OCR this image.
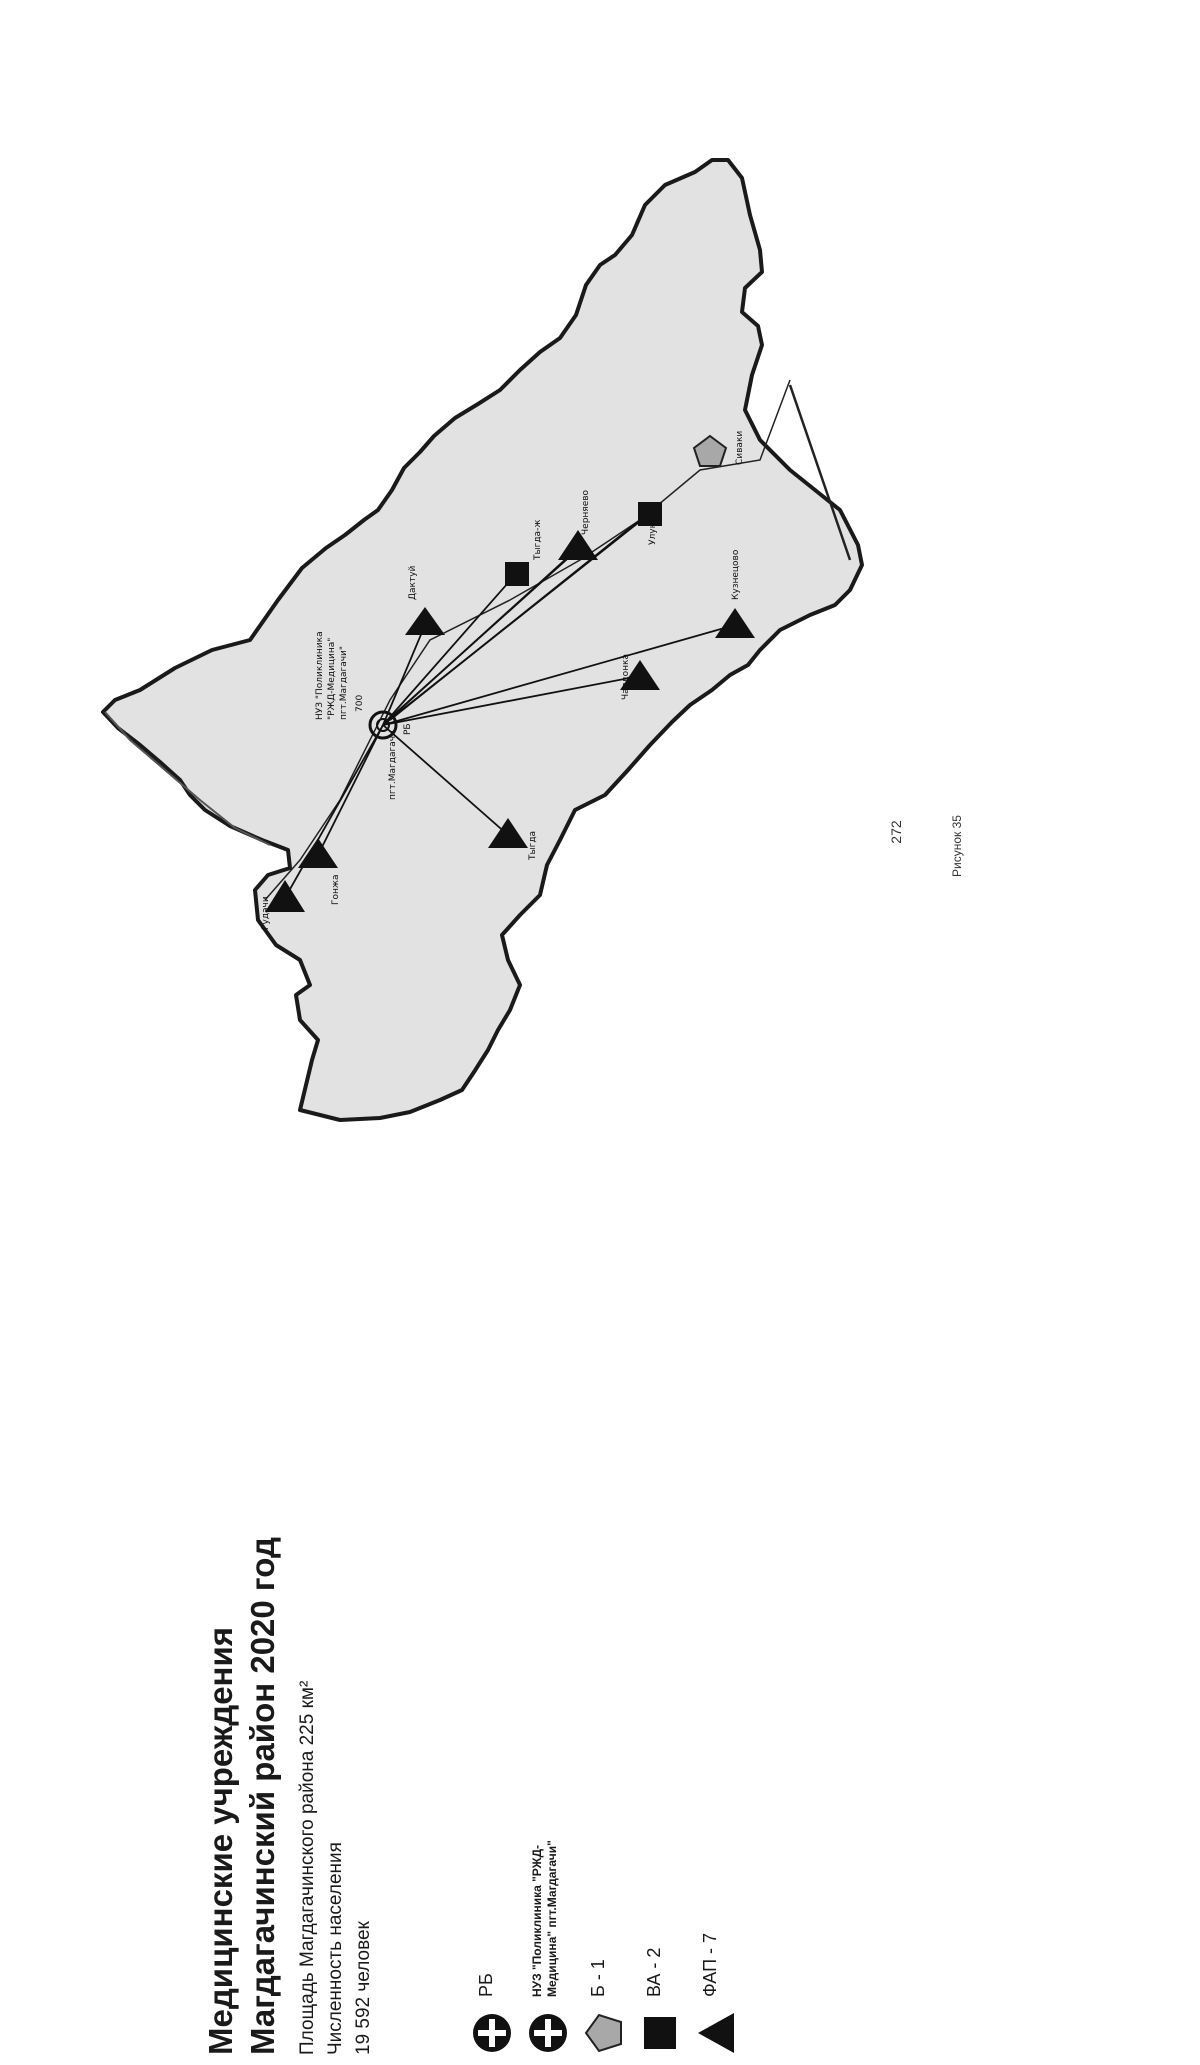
272
Гудачи
Гонжа
Тыгда
Дактуй
Черняево
Чалдонка
Улунга
Кузнецово
Сиваки
Тыгда-ж
НУЗ "Поликлиника "РЖД-Медицина" пгт.Магдагачи" 700
РБ
пгт.Магдагачи
Рисунок 35

Медицинские учреждения Магдагачинский район 2020 год Площадь Магдагачинского района 225 км² Численность населения 19 592 человек	РБ	НУЗ "Поликлиника "РЖД-
Медицина" пгт.Магдагачи" Б - 1 ВА - 2 ФАП - 7
